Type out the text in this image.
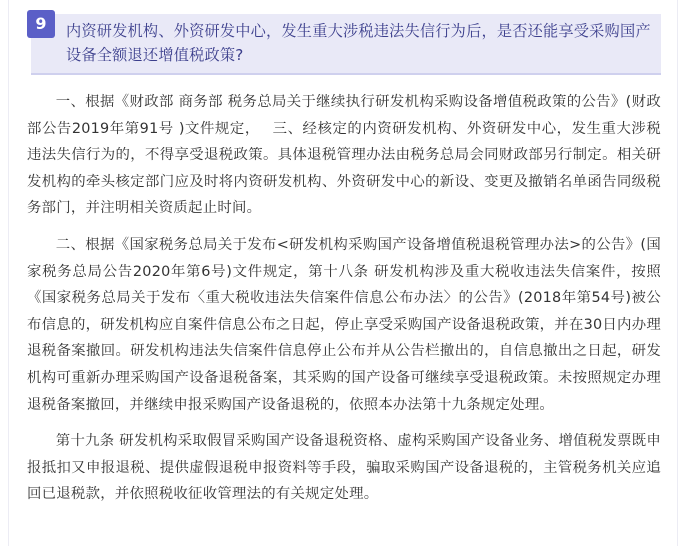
9	内资研发机构、外资研发中心，发生重大涉税违法失信行为后，是否还能享受采购国产设备全额退还增值税政策?

一、根据《财政部 商务部 税务总局关于继续执行研发机构采购设备增值税政策的公告》(财政部公告2019年第91号 )文件规定，　 三、经核定的内资研发机构、外资研发中心，发生重大涉税违法失信行为的，不得享受退税政策。具体退税管理办法由税务总局会同财政部另行制定。相关研发机构的牵头核定部门应及时将内资研发机构、外资研发中心的新设、变更及撤销名单函告同级税务部门，并注明相关资质起止时间。

二、根据《国家税务总局关于发布<研发机构采购国产设备增值税退税管理办法>的公告》(国家税务总局公告2020年第6号)文件规定，第十八条 研发机构涉及重大税收违法失信案件，按照《国家税务总局关于发布〈重大税收违法失信案件信息公布办法〉的公告》(2018年第54号)被公布信息的，研发机构应自案件信息公布之日起，停止享受采购国产设备退税政策，并在30日内办理退税备案撤回。研发机构违法失信案件信息停止公布并从公告栏撤出的，自信息撤出之日起，研发机构可重新办理采购国产设备退税备案，其采购的国产设备可继续享受退税政策。未按照规定办理退税备案撤回，并继续申报采购国产设备退税的，依照本办法第十九条规定处理。

第十九条 研发机构采取假冒采购国产设备退税资格、虚构采购国产设备业务、增值税发票既申报抵扣又申报退税、提供虚假退税申报资料等手段，骗取采购国产设备退税的，主管税务机关应追回已退税款，并依照税收征收管理法的有关规定处理。
